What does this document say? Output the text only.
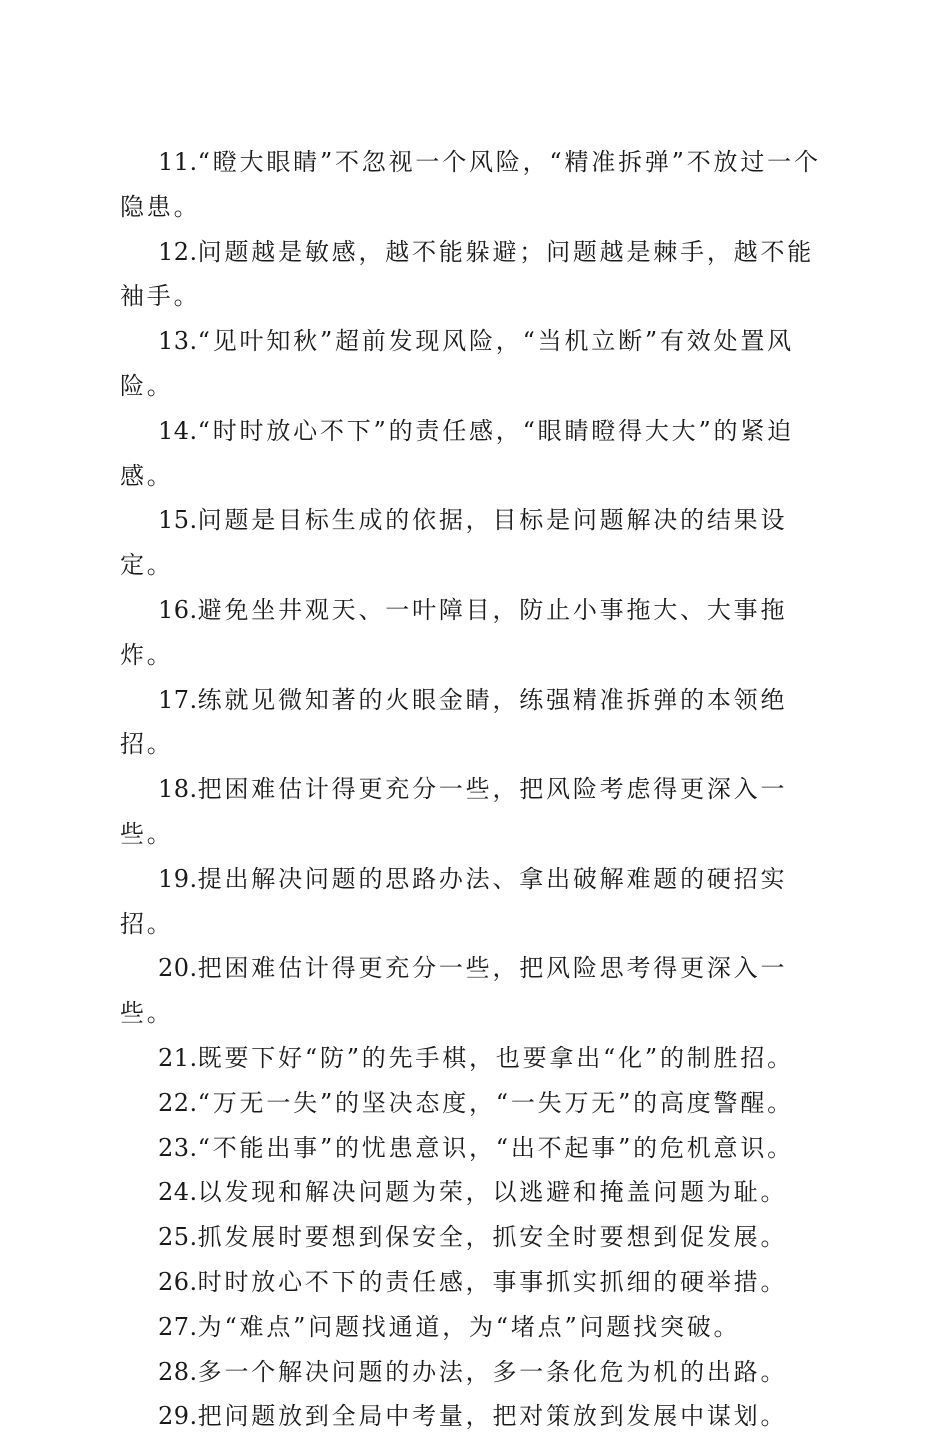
11.“瞪大眼睛”不忽视一个风险，“精准拆弹”不放过一个隐患。

12.问题越是敏感，越不能躲避；问题越是棘手，越不能袖手。

13.“见叶知秋”超前发现风险，“当机立断”有效处置风险。

14.“时时放心不下”的责任感，“眼睛瞪得大大”的紧迫感。

15.问题是目标生成的依据，目标是问题解决的结果设定。

16.避免坐井观天、一叶障目，防止小事拖大、大事拖炸。

17.练就见微知著的火眼金睛，练强精准拆弹的本领绝招。

18.把困难估计得更充分一些，把风险考虑得更深入一些。

19.提出解决问题的思路办法、拿出破解难题的硬招实招。

20.把困难估计得更充分一些，把风险思考得更深入一些。

21.既要下好“防”的先手棋，也要拿出“化”的制胜招。

22.“万无一失”的坚决态度，“一失万无”的高度警醒。

23.“不能出事”的忧患意识，“出不起事”的危机意识。

24.以发现和解决问题为荣，以逃避和掩盖问题为耻。

25.抓发展时要想到保安全，抓安全时要想到促发展。

26.时时放心不下的责任感，事事抓实抓细的硬举措。

27.为“难点”问题找通道，为“堵点”问题找突破。

28.多一个解决问题的办法，多一条化危为机的出路。

29.把问题放到全局中考量，把对策放到发展中谋划。
